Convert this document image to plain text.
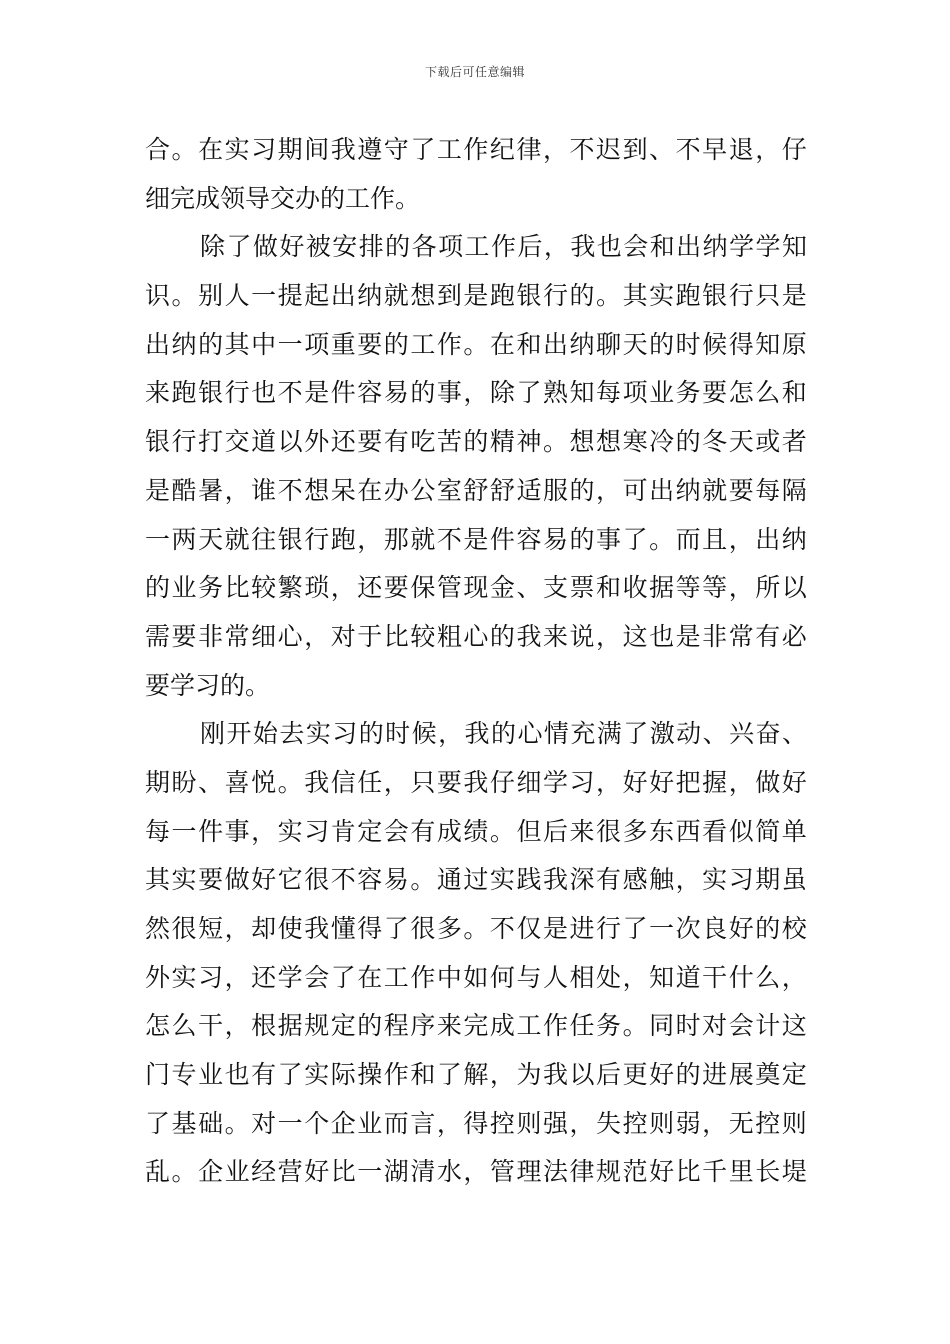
下载后可任意编辑
合 。 在 实 习 期 间 我 遵 守 了 工 作 纪 律 ， 不 迟 到 、 不 早 退 ， 仔
细完成领导交办的工作。
除 了 做 好 被 安 排 的 各 项 工 作 后 ， 我 也 会 和 出 纳 学 学 知
识 。 别 人 一 提 起 出 纳 就 想 到 是 跑 银 行 的 。 其 实 跑 银 行 只 是
出 纳 的 其 中 一 项 重 要 的 工 作 。 在 和 出 纳 聊 天 的 时 候 得 知 原
来 跑 银 行 也 不 是 件 容 易 的 事 ， 除 了 熟 知 每 项 业 务 要 怎 么 和
银 行 打 交 道 以 外 还 要 有 吃 苦 的 精 神 。 想 想 寒 冷 的 冬 天 或 者
是 酷 暑 ， 谁 不 想 呆 在 办 公 室 舒 舒 适 服 的 ， 可 出 纳 就 要 每 隔
一 两 天 就 往 银 行 跑 ， 那 就 不 是 件 容 易 的 事 了 。 而 且 ， 出 纳
的 业 务 比 较 繁 琐 ， 还 要 保 管 现 金 、 支 票 和 收 据 等 等 ， 所 以
需 要 非 常 细 心 ， 对 于 比 较 粗 心 的 我 来 说 ， 这 也 是 非 常 有 必
要学习的。
刚 开 始 去 实 习 的 时 候 ， 我 的 心 情 充 满 了 激 动 、 兴 奋 、
期 盼 、 喜 悦 。 我 信 任 ， 只 要 我 仔 细 学 习 ， 好 好 把 握 ， 做 好
每 一 件 事 ， 实 习 肯 定 会 有 成 绩 。 但 后 来 很 多 东 西 看 似 简 单
其 实 要 做 好 它 很 不 容 易 。 通 过 实 践 我 深 有 感 触 ， 实 习 期 虽
然 很 短 ， 却 使 我 懂 得 了 很 多 。 不 仅 是 进 行 了 一 次 良 好 的 校
外 实 习 ， 还 学 会 了 在 工 作 中 如 何 与 人 相 处 ， 知 道 干 什 么 ，
怎 么 干 ， 根 据 规 定 的 程 序 来 完 成 工 作 任 务 。 同 时 对 会 计 这
门 专 业 也 有 了 实 际 操 作 和 了 解 ， 为 我 以 后 更 好 的 进 展 奠 定
了 基 础 。 对 一 个 企 业 而 言 ， 得 控 则 强 ， 失 控 则 弱 ， 无 控 则
乱 。 企 业 经 营 好 比 一 湖 清 水 ， 管 理 法 律 规 范 好 比 千 里 长 堤
